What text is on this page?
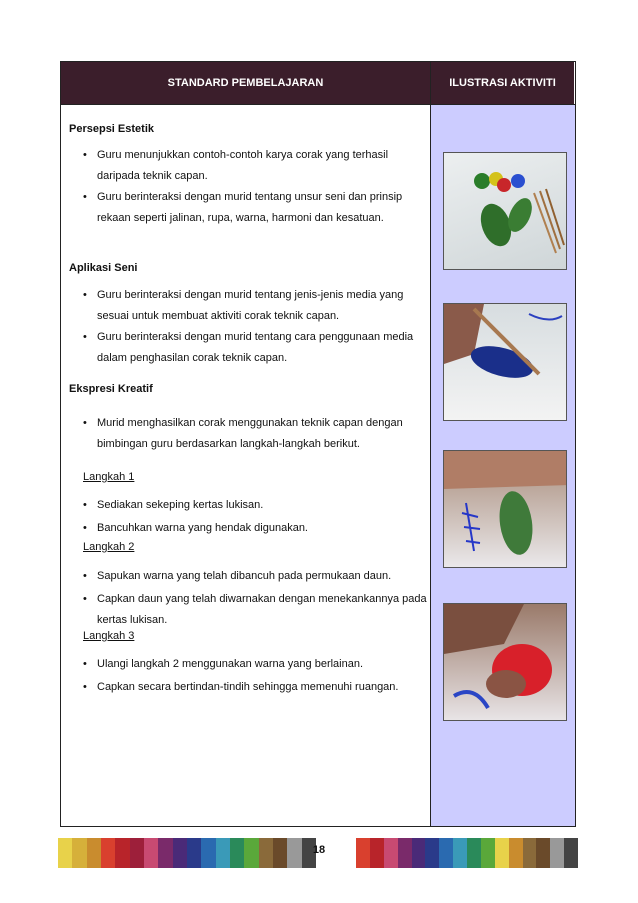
STANDARD PEMBELAJARAN	ILUSTRASI AKTIVITI
Persepsi Estetik
• Guru menunjukkan contoh-contoh karya corak yang terhasil daripada teknik capan.
• Guru berinteraksi dengan murid tentang unsur seni dan prinsip rekaan seperti jalinan, rupa, warna, harmoni dan kesatuan.
Aplikasi Seni
• Guru berinteraksi dengan murid tentang jenis-jenis media yang sesuai untuk membuat aktiviti corak teknik capan.
• Guru berinteraksi dengan murid tentang cara penggunaan media dalam penghasilan corak teknik capan.
Ekspresi Kreatif
• Murid menghasilkan corak menggunakan teknik capan dengan bimbingan guru berdasarkan langkah-langkah berikut.
Langkah 1
• Sediakan sekeping kertas lukisan.
• Bancuhkan warna yang hendak digunakan.
Langkah 2
• Sapukan warna yang telah dibancuh pada permukaan daun.
• Capkan daun yang telah diwarnakan dengan menekankannya pada kertas lukisan.
Langkah 3
• Ulangi langkah 2 menggunakan warna yang berlainan.
• Capkan secara bertindan-tindih sehingga memenuhi ruangan.
18
